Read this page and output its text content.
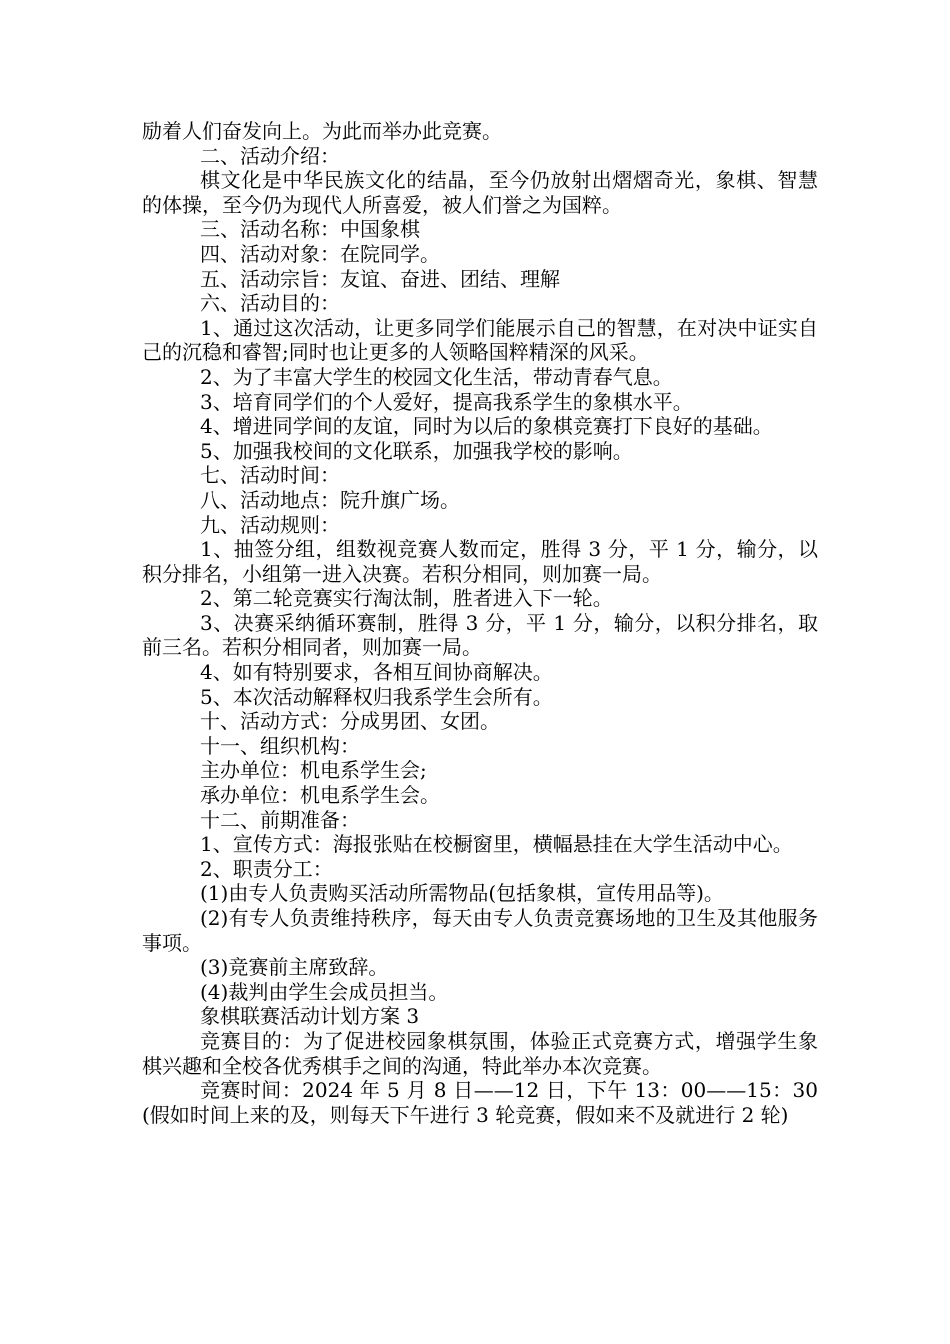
励着人们奋发向上。为此而举办此竞赛。

二、活动介绍：

棋文化是中华民族文化的结晶，至今仍放射出熠熠奇光，象棋、智慧的体操，至今仍为现代人所喜爱，被人们誉之为国粹。

三、活动名称：中国象棋

四、活动对象：在院同学。

五、活动宗旨：友谊、奋进、团结、理解

六、活动目的：

1、通过这次活动，让更多同学们能展示自己的智慧，在对决中证实自己的沉稳和睿智;同时也让更多的人领略国粹精深的风采。

2、为了丰富大学生的校园文化生活，带动青春气息。

3、培育同学们的个人爱好，提高我系学生的象棋水平。

4、增进同学间的友谊，同时为以后的象棋竞赛打下良好的基础。

5、加强我校间的文化联系，加强我学校的影响。

七、活动时间：

八、活动地点：院升旗广场。

九、活动规则：

1、抽签分组，组数视竞赛人数而定，胜得 3 分，平 1 分，输分，以积分排名，小组第一进入决赛。若积分相同，则加赛一局。

2、第二轮竞赛实行淘汰制，胜者进入下一轮。

3、决赛采纳循环赛制，胜得 3 分，平 1 分，输分，以积分排名，取前三名。若积分相同者，则加赛一局。

4、如有特别要求，各相互间协商解决。

5、本次活动解释权归我系学生会所有。

十、活动方式：分成男团、女团。

十一、组织机构：

主办单位：机电系学生会;

承办单位：机电系学生会。

十二、前期准备：

1、宣传方式：海报张贴在校橱窗里，横幅悬挂在大学生活动中心。

2、职责分工：

(1)由专人负责购买活动所需物品(包括象棋，宣传用品等)。

(2)有专人负责维持秩序，每天由专人负责竞赛场地的卫生及其他服务事项。

(3)竞赛前主席致辞。

(4)裁判由学生会成员担当。

象棋联赛活动计划方案 3

竞赛目的：为了促进校园象棋氛围，体验正式竞赛方式，增强学生象棋兴趣和全校各优秀棋手之间的沟通，特此举办本次竞赛。

竞赛时间：2024 年 5 月 8 日——12 日，下午 13：00——15：30(假如时间上来的及，则每天下午进行 3 轮竞赛，假如来不及就进行 2 轮)
